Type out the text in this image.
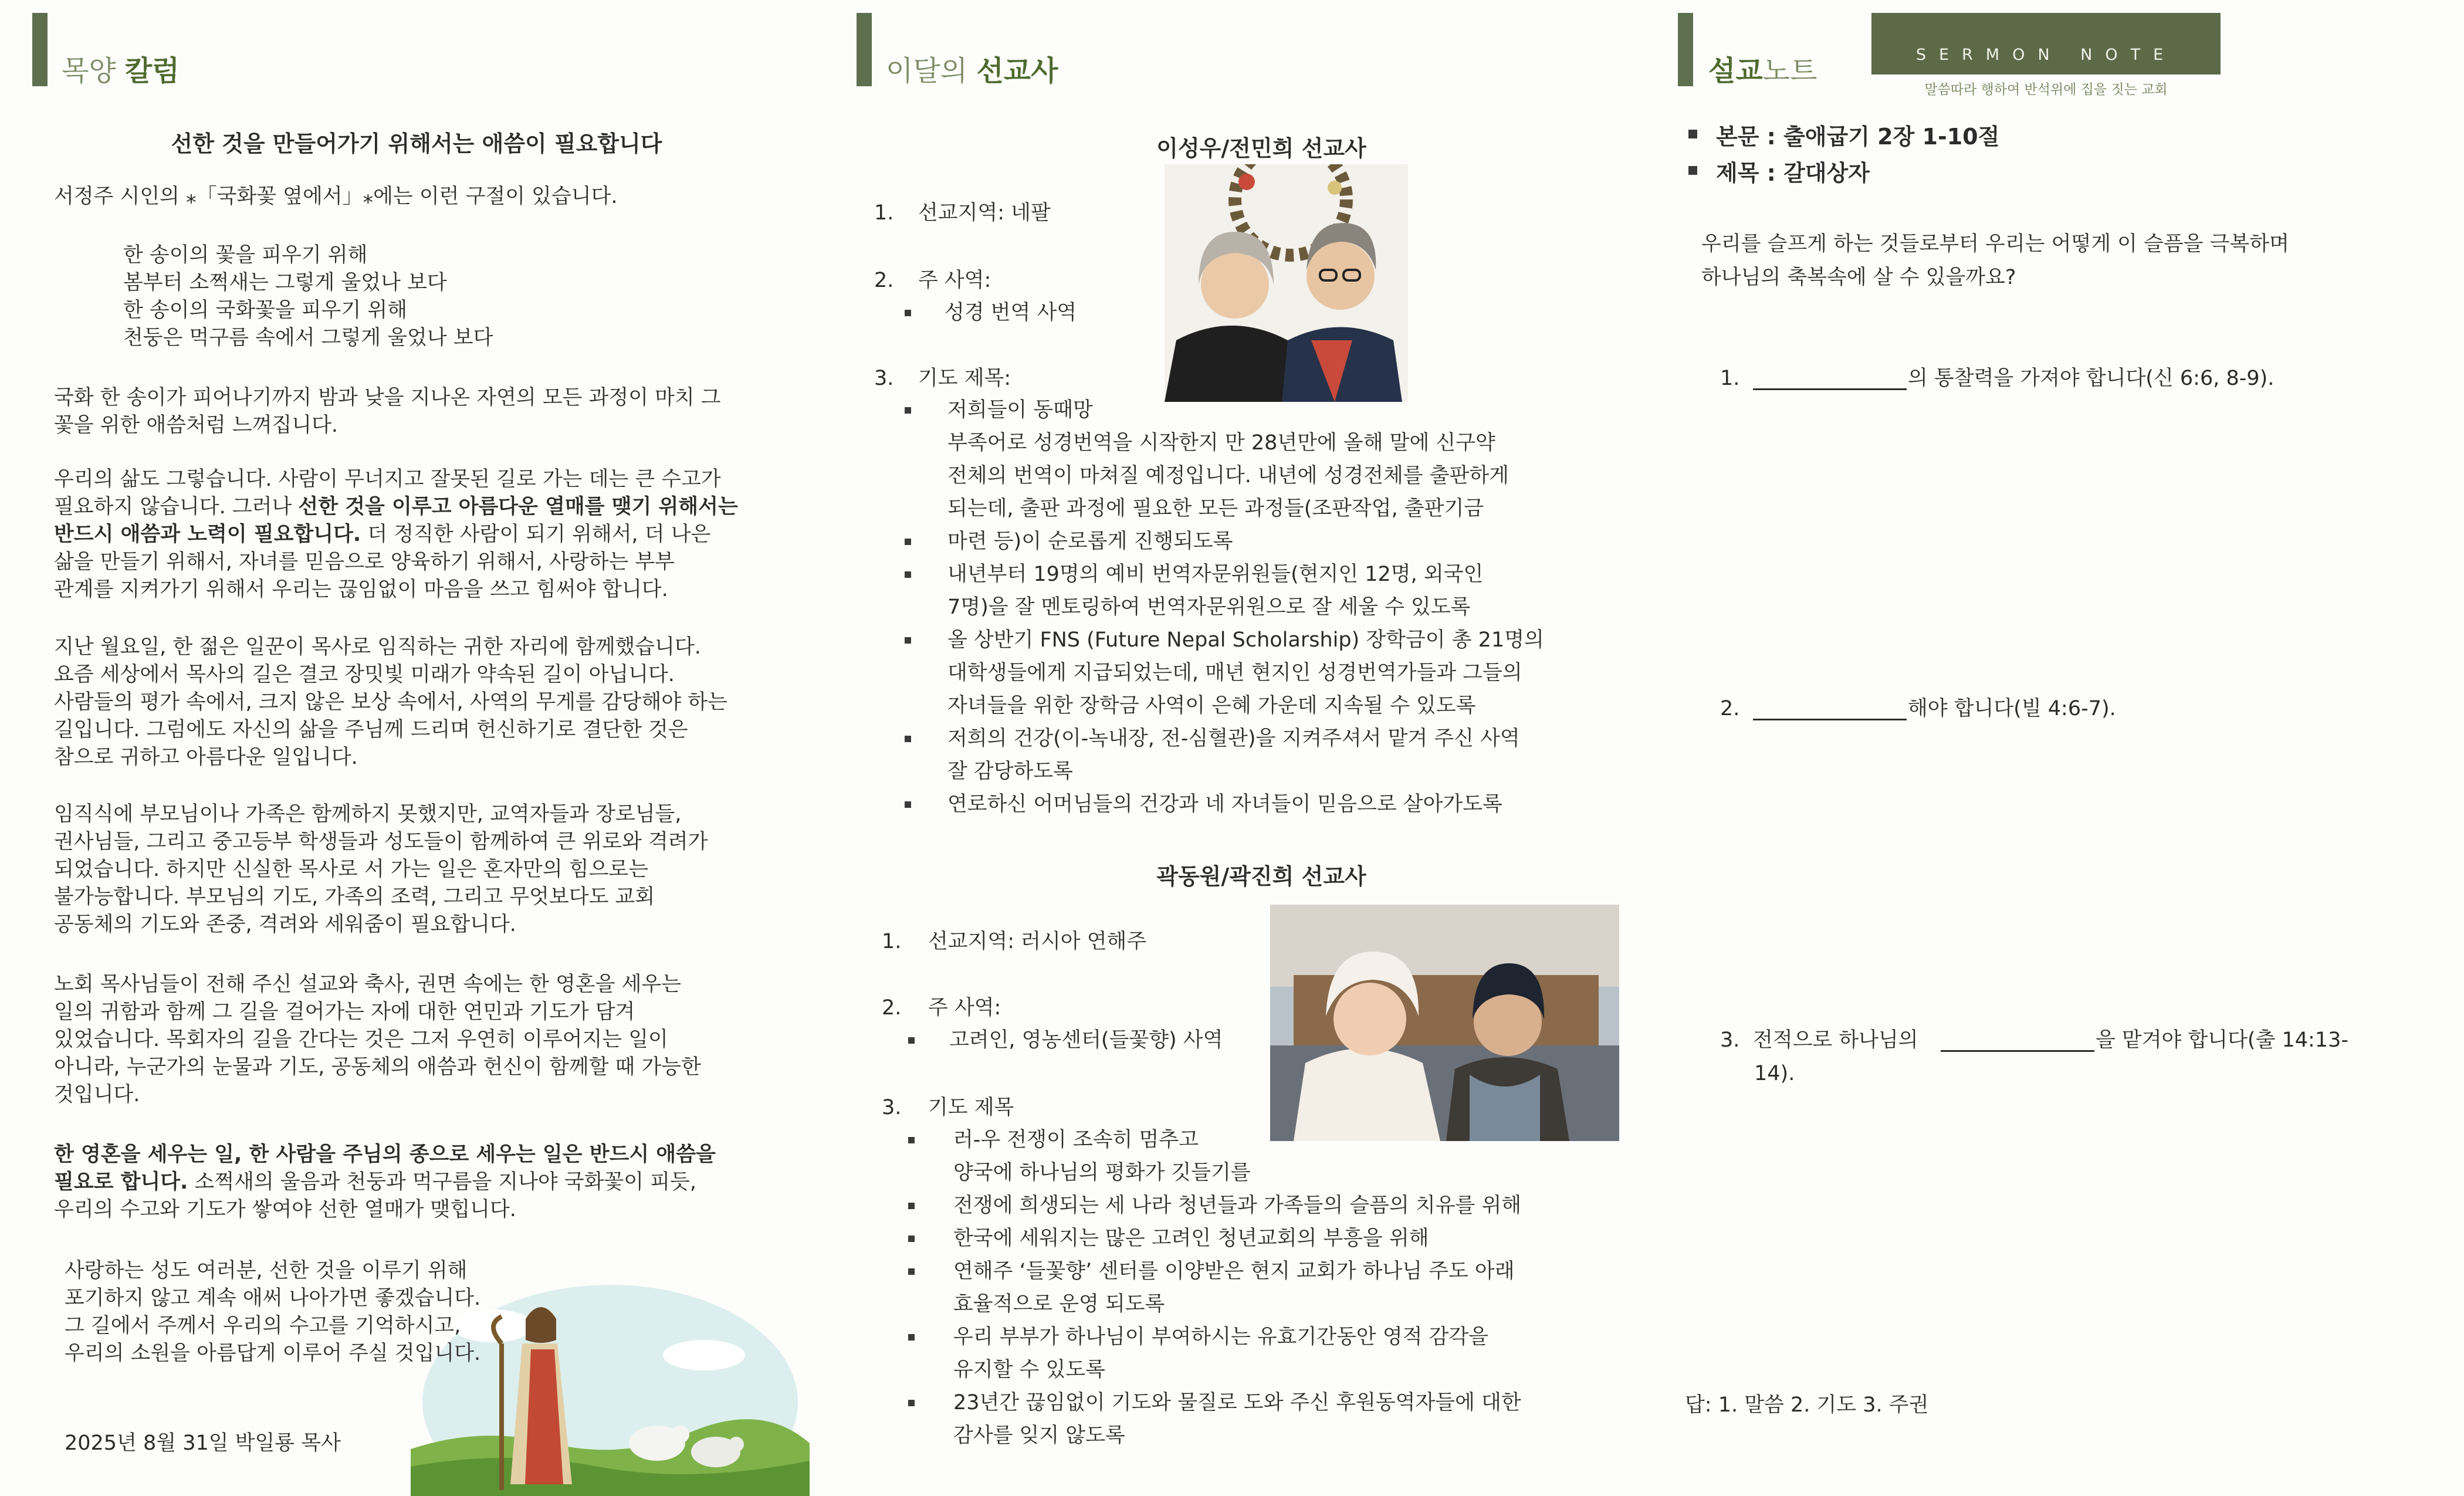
목양 칼럼
선한 것을 만들어가기 위해서는 애씀이 필요합니다
서정주 시인의 ⁎「국화꽃 옆에서」⁎에는 이런 구절이 있습니다.
한 송이의 꽃을 피우기 위해
봄부터 소쩍새는 그렇게 울었나 보다
한 송이의 국화꽃을 피우기 위해
천둥은 먹구름 속에서 그렇게 울었나 보다
국화 한 송이가 피어나기까지 밤과 낮을 지나온 자연의 모든 과정이 마치 그
꽃을 위한 애씀처럼 느껴집니다.
우리의 삶도 그렇습니다. 사람이 무너지고 잘못된 길로 가는 데는 큰 수고가
필요하지 않습니다. 그러나 선한 것을 이루고 아름다운 열매를 맺기 위해서는
반드시 애씀과 노력이 필요합니다. 더 정직한 사람이 되기 위해서, 더 나은
삶을 만들기 위해서, 자녀를 믿음으로 양육하기 위해서, 사랑하는 부부
관계를 지켜가기 위해서 우리는 끊임없이 마음을 쓰고 힘써야 합니다.
지난 월요일, 한 젊은 일꾼이 목사로 임직하는 귀한 자리에 함께했습니다.
요즘 세상에서 목사의 길은 결코 장밋빛 미래가 약속된 길이 아닙니다.
사람들의 평가 속에서, 크지 않은 보상 속에서, 사역의 무게를 감당해야 하는
길입니다. 그럼에도 자신의 삶을 주님께 드리며 헌신하기로 결단한 것은
참으로 귀하고 아름다운 일입니다.
임직식에 부모님이나 가족은 함께하지 못했지만, 교역자들과 장로님들,
권사님들, 그리고 중고등부 학생들과 성도들이 함께하여 큰 위로와 격려가
되었습니다. 하지만 신실한 목사로 서 가는 일은 혼자만의 힘으로는
불가능합니다. 부모님의 기도, 가족의 조력, 그리고 무엇보다도 교회
공동체의 기도와 존중, 격려와 세워줌이 필요합니다.
노회 목사님들이 전해 주신 설교와 축사, 권면 속에는 한 영혼을 세우는
일의 귀함과 함께 그 길을 걸어가는 자에 대한 연민과 기도가 담겨
있었습니다. 목회자의 길을 간다는 것은 그저 우연히 이루어지는 일이
아니라, 누군가의 눈물과 기도, 공동체의 애씀과 헌신이 함께할 때 가능한
것입니다.
한 영혼을 세우는 일, 한 사람을 주님의 종으로 세우는 일은 반드시 애씀을
필요로 합니다. 소쩍새의 울음과 천둥과 먹구름을 지나야 국화꽃이 피듯,
우리의 수고와 기도가 쌓여야 선한 열매가 맺힙니다.
사랑하는 성도 여러분, 선한 것을 이루기 위해
포기하지 않고 계속 애써 나아가면 좋겠습니다.
그 길에서 주께서 우리의 수고를 기억하시고,
우리의 소원을 아름답게 이루어 주실 것입니다.
2025년 8월 31일 박일룡 목사
이달의 선교사
이성우/전민희 선교사
1. 선교지역: 네팔
2. 주 사역:
성경 번역 사역
3. 기도 제목:
저희들이 동때망
부족어로 성경번역을 시작한지 만 28년만에 올해 말에 신구약
전체의 번역이 마쳐질 예정입니다. 내년에 성경전체를 출판하게
되는데, 출판 과정에 필요한 모든 과정들(조판작업, 출판기금
마련 등)이 순로롭게 진행되도록
내년부터 19명의 예비 번역자문위원들(현지인 12명, 외국인
7명)을 잘 멘토링하여 번역자문위원으로 잘 세울 수 있도록
올 상반기 FNS (Future Nepal Scholarship) 장학금이 총 21명의
대학생들에게 지급되었는데, 매년 현지인 성경번역가들과 그들의
자녀들을 위한 장학금 사역이 은혜 가운데 지속될 수 있도록
저희의 건강(이-녹내장, 전-심혈관)을 지켜주셔서 맡겨 주신 사역
잘 감당하도록
연로하신 어머님들의 건강과 네 자녀들이 믿음으로 살아가도록
곽동원/곽진희 선교사
1. 선교지역: 러시아 연해주
2. 주 사역:
고려인, 영농센터(들꽃향) 사역
3. 기도 제목
러-우 전쟁이 조속히 멈추고
양국에 하나님의 평화가 깃들기를
전쟁에 희생되는 세 나라 청년들과 가족들의 슬픔의 치유를 위해
한국에 세워지는 많은 고려인 청년교회의 부흥을 위해
연해주 ‘들꽃향’ 센터를 이양받은 현지 교회가 하나님 주도 아래
효율적으로 운영 되도록
우리 부부가 하나님이 부여하시는 유효기간동안 영적 감각을
유지할 수 있도록
23년간 끊임없이 기도와 물질로 도와 주신 후원동역자들에 대한
감사를 잊지 않도록
설교노트	SERMON NOTE
말씀따라 행하여 반석위에 집을 짓는 교회
본문 : 출애굽기 2장 1-10절
제목 : 갈대상자
우리를 슬프게 하는 것들로부터 우리는 어떻게 이 슬픔을 극복하며
하나님의 축복속에 살 수 있을까요?
1.	의 통찰력을 가져야 합니다(신 6:6, 8-9).
2.	해야 합니다(빌 4:6-7).
3. 전적으로 하나님의	을 맡겨야 합니다(출 14:13-
14).
답: 1. 말씀 2. 기도 3. 주권
